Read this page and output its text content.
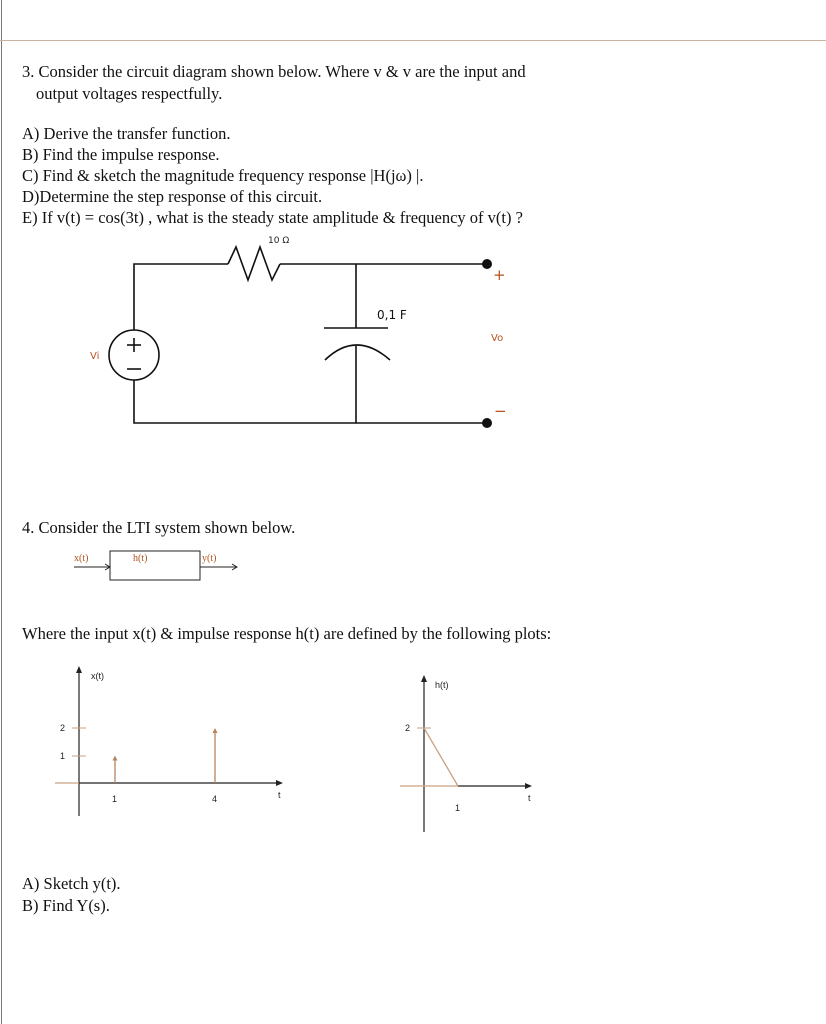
3. Consider the circuit diagram shown below. Where v & v are the input and
output voltages respectfully.
A) Derive the transfer function.
B) Find the impulse response.
C) Find & sketch the magnitude frequency response |H(jω) |.
D)Determine the step response of this circuit.
E) If v(t) = cos(3t) , what is the steady state amplitude & frequency of v(t) ?
10 Ω
0,1 F
Vi
Vo
+
−
x(t)	h(t)	y(t)
x(t)
2
1
1	4	t
h(t)
2
1
t
4. Consider the LTI system shown below.
Where the input x(t) & impulse response h(t) are defined by the following plots:
A) Sketch y(t).
B) Find Y(s).
